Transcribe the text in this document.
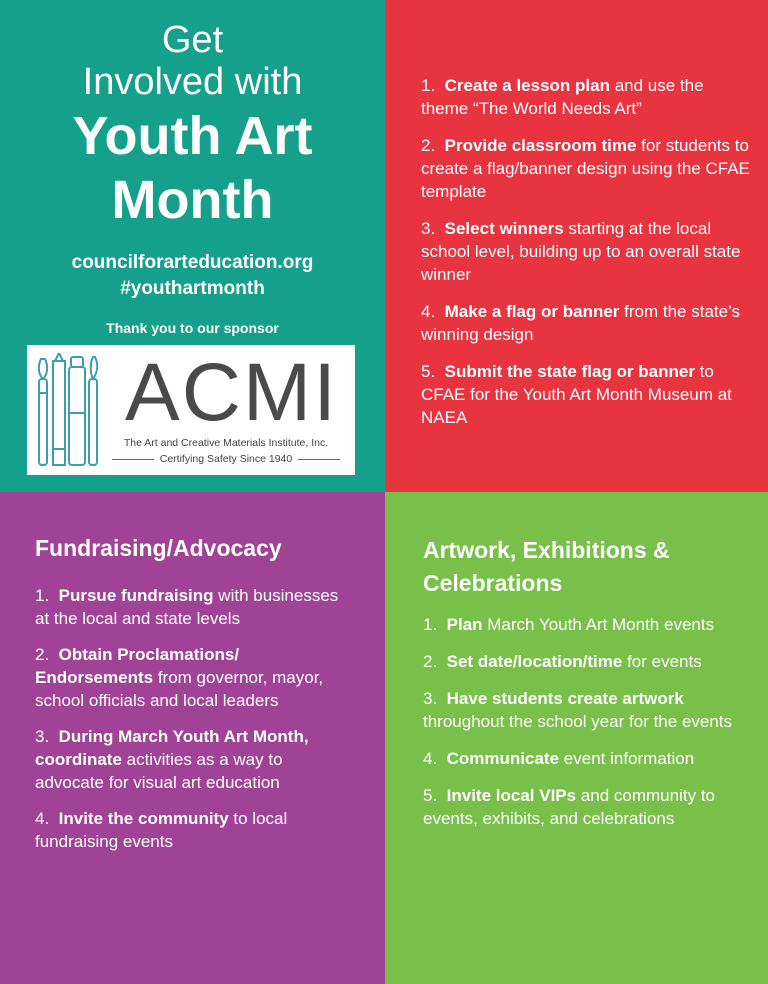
Get
Involved with
Youth Art
Month
councilforarteducation.org
#youthartmonth
Thank you to our sponsor
ACMI
The Art and Creative Materials Institute, Inc.
Certifying Safety Since 1940
1. Create a lesson plan and use the theme “The World Needs Art”
2. Provide classroom time for students to create a flag/banner design using the CFAE template
3. Select winners starting at the local school level, building up to an overall state winner
4. Make a flag or banner from the state’s winning design
5. Submit the state flag or banner to CFAE for the Youth Art Month Museum at NAEA
Fundraising/Advocacy
1. Pursue fundraising with businesses at the local and state levels
2. Obtain Proclamations/ Endorsements from governor, mayor, school officials and local leaders
3. During March Youth Art Month, coordinate activities as a way to advocate for visual art education
4. Invite the community to local fundraising events
Artwork, Exhibitions & Celebrations
1. Plan March Youth Art Month events
2. Set date/location/time for events
3. Have students create artwork throughout the school year for the events
4. Communicate event information
5. Invite local VIPs and community to events, exhibits, and celebrations
